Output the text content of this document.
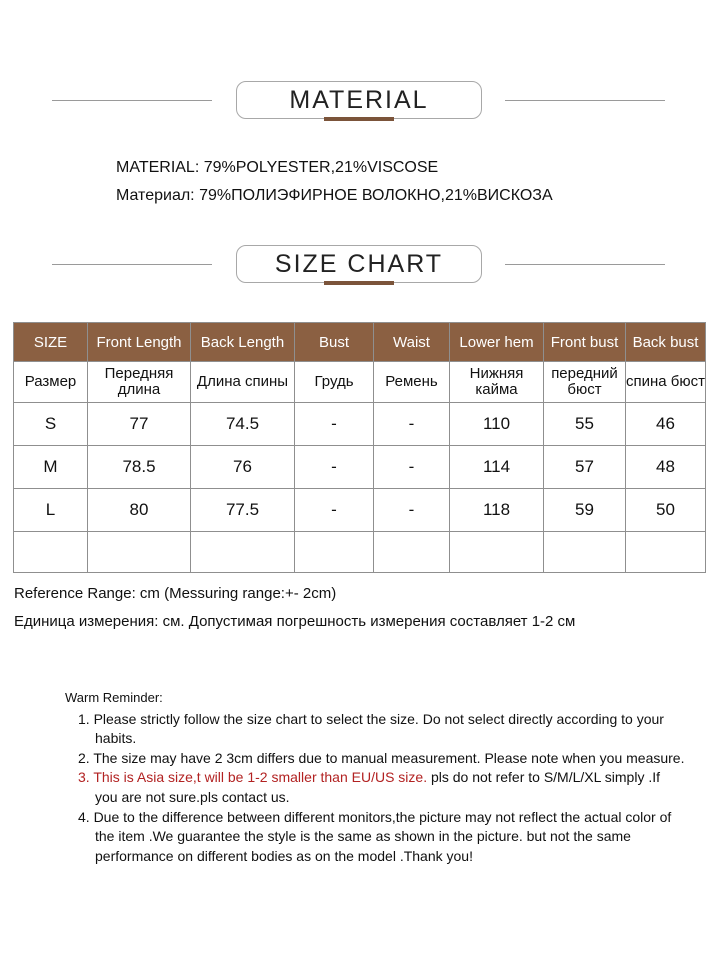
MATERIAL
MATERIAL: 79%POLYESTER,21%VISCOSE
Материал: 79%ПОЛИЭФИРНОЕ ВОЛОКНО,21%ВИСКОЗА
SIZE CHART
SIZE	Front Length	Back Length	Bust	Waist	Lower hem	Front bust	Back bust
Размер	Передняя длина	Длина спины	Грудь	Ремень	Нижняя кайма	передний бюст	спина бюст
S	77	74.5	-	-	110	55	46
M	78.5	76	-	-	114	57	48
L	80	77.5	-	-	118	59	50

Reference Range: cm (Messuring range:+- 2cm)
Единица измерения: см. Допустимая погрешность измерения составляет 1-2 см
Warm Reminder:
1. Please strictly follow the size chart to select the size. Do not select directly according to your habits.
2. The size may have 2 3cm differs due to manual measurement. Please note when you measure.
3. This is Asia size,t will be 1-2 smaller than EU/US size. pls do not refer to S/M/L/XL simply .If you are not sure.pls contact us.
4. Due to the difference between different monitors,the picture may not reflect the actual color of the item .We guarantee the style is the same as shown in the picture. but not the same performance on different bodies as on the model .Thank you!
